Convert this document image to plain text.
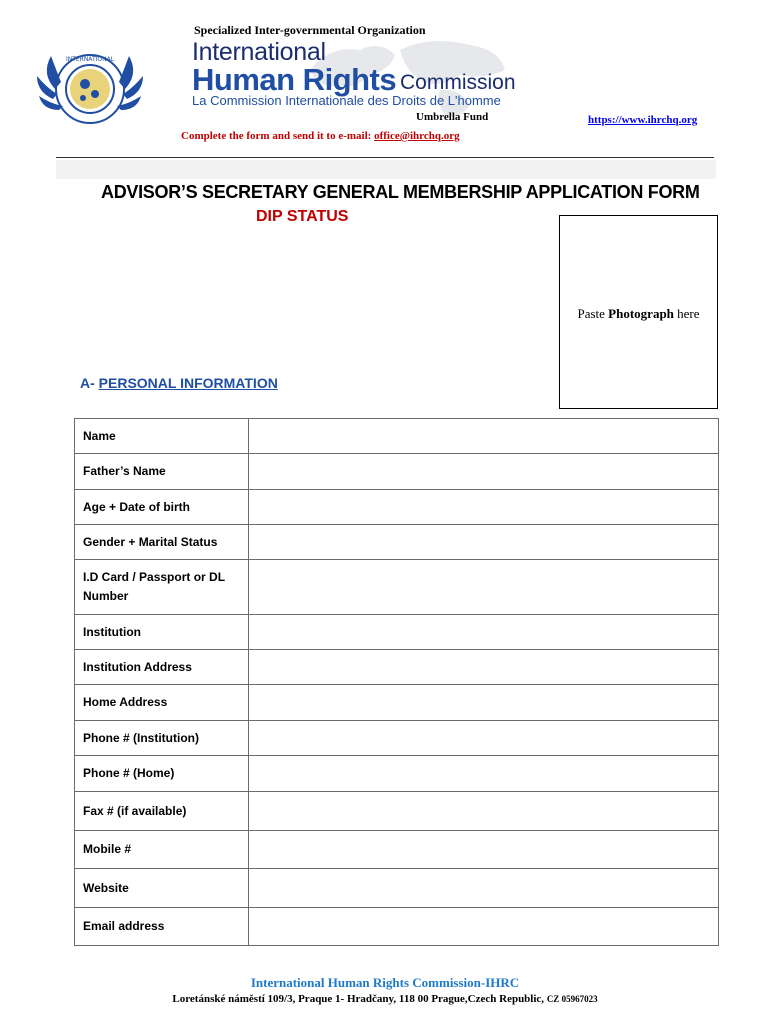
Specialized Inter-governmental Organization
INTERNATIONAL	International
Human Rights Commission
La Commission Internationale des Droits de L'homme
Umbrella Fund	https://www.ihrchq.org
Complete the form and send it to e-mail: office@ihrchq.org
ADVISOR’S SECRETARY GENERAL MEMBERSHIP APPLICATION FORM
DIP STATUS
Paste Photograph here
A- PERSONAL INFORMATION
Name	
Father’s Name	
Age + Date of birth	
Gender + Marital Status	
I.D Card / Passport or DL Number	
Institution	
Institution Address	
Home Address	
Phone # (Institution)	
Phone # (Home)	
Fax # (if available)	
Mobile #	
Website	
Email address	
International Human Rights Commission-IHRC
Loretánské náměstí 109/3, Praque 1- Hradčany, 118 00 Prague,Czech Republic, CZ 05967023
